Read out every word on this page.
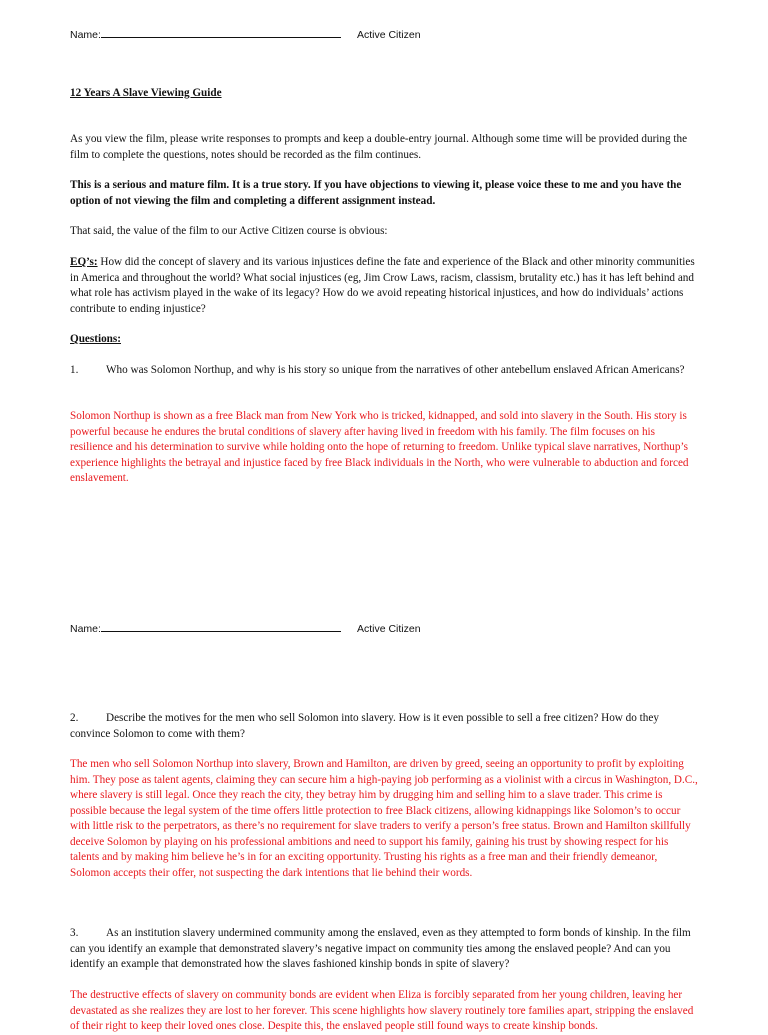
Name:	Active Citizen

12 Years A Slave Viewing Guide

As you view the film, please write responses to prompts and keep a double-entry journal. Although some time will be provided during the film to complete the questions, notes should be recorded as the film continues.

This is a serious and mature film. It is a true story. If you have objections to viewing it, please voice these to me and you have the option of not viewing the film and completing a different assignment instead.

That said, the value of the film to our Active Citizen course is obvious:

EQ’s: How did the concept of slavery and its various injustices define the fate and experience of the Black and other minority communities in America and throughout the world? What social injustices (eg, Jim Crow Laws, racism, classism, brutality etc.) has it has left behind and what role has activism played in the wake of its legacy? How do we avoid repeating historical injustices, and how do individuals’ actions contribute to ending injustice?

Questions:

1. Who was Solomon Northup, and why is his story so unique from the narratives of other antebellum enslaved African Americans?

Solomon Northup is shown as a free Black man from New York who is tricked, kidnapped, and sold into slavery in the South. His story is powerful because he endures the brutal conditions of slavery after having lived in freedom with his family. The film focuses on his resilience and his determination to survive while holding onto the hope of returning to freedom. Unlike typical slave narratives, Northup’s experience highlights the betrayal and injustice faced by free Black individuals in the North, who were vulnerable to abduction and forced enslavement.

Name:	Active Citizen

2. Describe the motives for the men who sell Solomon into slavery. How is it even possible to sell a free citizen? How do they convince Solomon to come with them?

The men who sell Solomon Northup into slavery, Brown and Hamilton, are driven by greed, seeing an opportunity to profit by exploiting him. They pose as talent agents, claiming they can secure him a high-paying job performing as a violinist with a circus in Washington, D.C., where slavery is still legal. Once they reach the city, they betray him by drugging him and selling him to a slave trader. This crime is possible because the legal system of the time offers little protection to free Black citizens, allowing kidnappings like Solomon’s to occur with little risk to the perpetrators, as there’s no requirement for slave traders to verify a person’s free status. Brown and Hamilton skillfully deceive Solomon by playing on his professional ambitions and need to support his family, gaining his trust by showing respect for his talents and by making him believe he’s in for an exciting opportunity. Trusting his rights as a free man and their friendly demeanor, Solomon accepts their offer, not suspecting the dark intentions that lie behind their words.

3. As an institution slavery undermined community among the enslaved, even as they attempted to form bonds of kinship. In the film can you identify an example that demonstrated slavery’s negative impact on community ties among the enslaved people? And can you identify an example that demonstrated how the slaves fashioned kinship bonds in spite of slavery?

The destructive effects of slavery on community bonds are evident when Eliza is forcibly separated from her young children, leaving her devastated as she realizes they are lost to her forever. This scene highlights how slavery routinely tore families apart, stripping the enslaved of their right to keep their loved ones close. Despite this, the enslaved people still found ways to create kinship bonds.
